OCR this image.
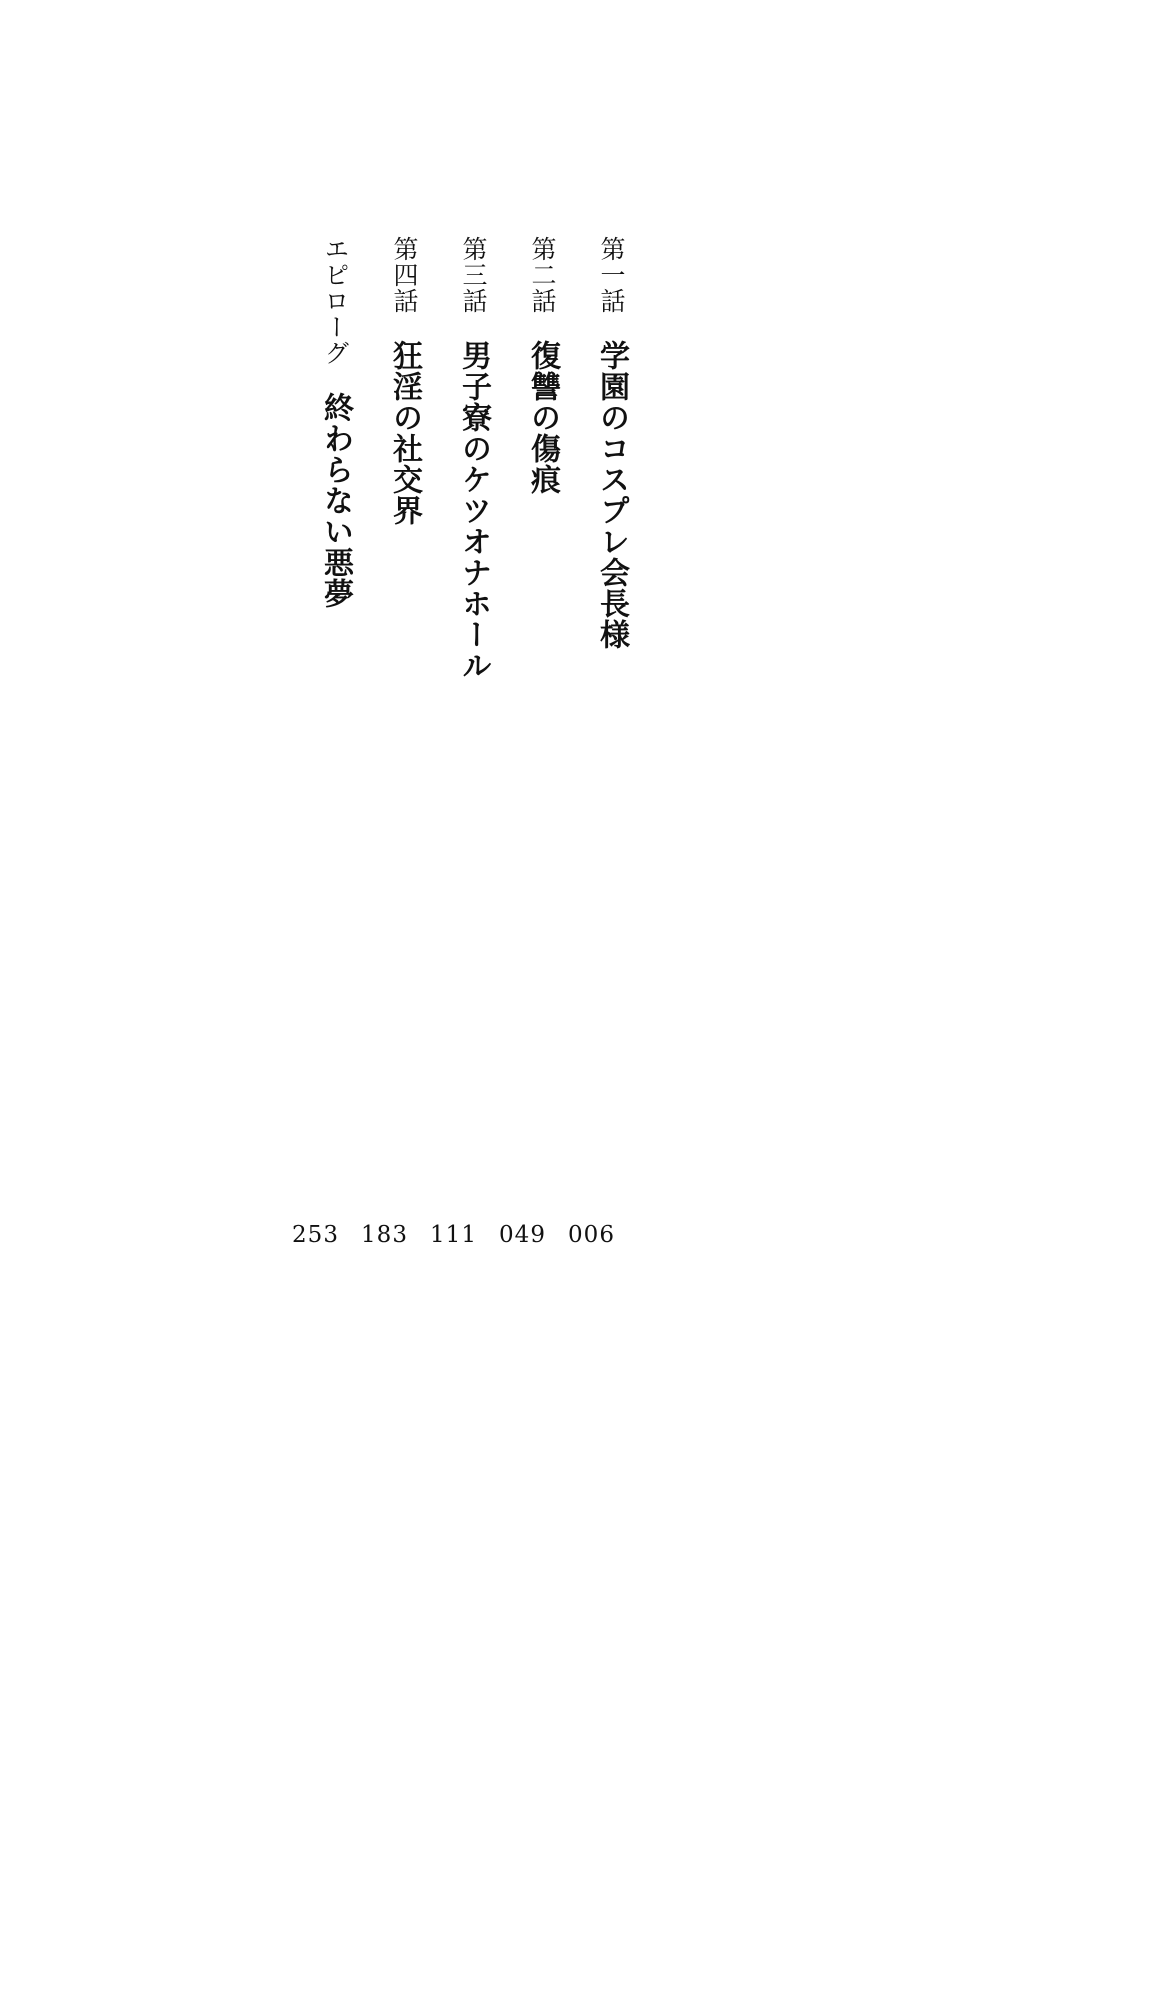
第一話学園のコスプレ会長様
第二話復讐の傷痕
第三話男子寮のケツオナホール
第四話狂淫の社交界
エピローグ終わらない悪夢
006
049
111
183
253
